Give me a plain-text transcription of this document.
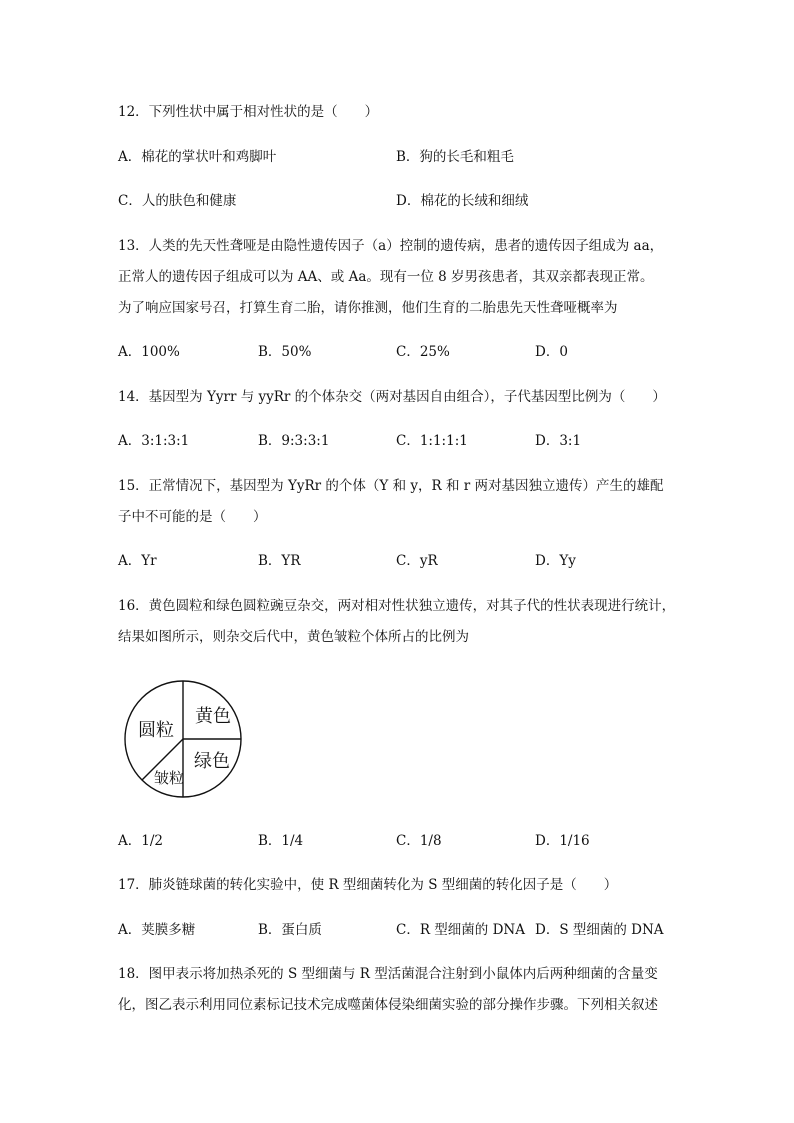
12．下列性状中属于相对性状的是（　　）
A．棉花的掌状叶和鸡脚叶	B．狗的长毛和粗毛
C．人的肤色和健康	D．棉花的长绒和细绒
13．人类的先天性聋哑是由隐性遗传因子（a）控制的遗传病，患者的遗传因子组成为 aa，
正常人的遗传因子组成可以为 AA、或 Aa。现有一位 8 岁男孩患者，其双亲都表现正常。
为了响应国家号召，打算生育二胎，请你推测，他们生育的二胎患先天性聋哑概率为
A．100%	B．50%	C．25%	D．0
14．基因型为 Yyrr 与 yyRr 的个体杂交（两对基因自由组合），子代基因型比例为（　　）
A．3:1:3:1	B．9:3:3:1	C．1:1:1:1	D．3:1
15．正常情况下，基因型为 YyRr 的个体（Y 和 y，R 和 r 两对基因独立遗传）产生的雄配
子中不可能的是（　　）
A．Yr	B．YR	C．yR	D．Yy
16．黄色圆粒和绿色圆粒豌豆杂交，两对相对性状独立遗传，对其子代的性状表现进行统计，
结果如图所示，则杂交后代中，黄色皱粒个体所占的比例为
黄色
圆粒
绿色
皱粒
A．1/2	B．1/4	C．1/8	D．1/16
17．肺炎链球菌的转化实验中，使 R 型细菌转化为 S 型细菌的转化因子是（　　）
A．荚膜多糖	B．蛋白质	C．R 型细菌的 DNA D．S 型细菌的 DNA
18．图甲表示将加热杀死的 S 型细菌与 R 型活菌混合注射到小鼠体内后两种细菌的含量变
化，图乙表示利用同位素标记技术完成噬菌体侵染细菌实验的部分操作步骤。下列相关叙述
